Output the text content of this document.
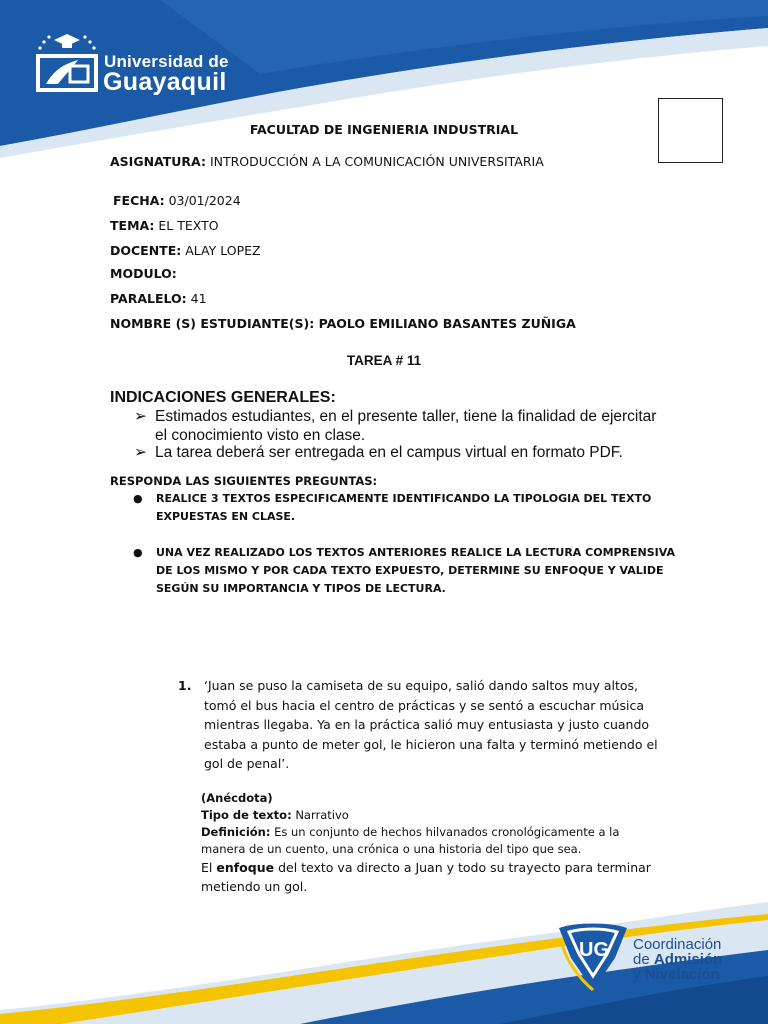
Universidad de
Guayaquil
FACULTAD DE INGENIERIA INDUSTRIAL
ASIGNATURA: INTRODUCCIÓN A LA COMUNICACIÓN UNIVERSITARIA
FECHA: 03/01/2024
TEMA: EL TEXTO
DOCENTE: ALAY LOPEZ
MODULO:
PARALELO: 41
NOMBRE (S) ESTUDIANTE(S): PAOLO EMILIANO BASANTES ZUÑIGA
TAREA # 11
INDICACIONES GENERALES:
➢ Estimados estudiantes, en el presente taller, tiene la finalidad de ejercitar
el conocimiento visto en clase.
➢ La tarea deberá ser entregada en el campus virtual en formato PDF.
RESPONDA LAS SIGUIENTES PREGUNTAS:
● REALICE 3 TEXTOS ESPECIFICAMENTE IDENTIFICANDO LA TIPOLOGIA DEL TEXTO
EXPUESTAS EN CLASE.
● UNA VEZ REALIZADO LOS TEXTOS ANTERIORES REALICE LA LECTURA COMPRENSIVA
DE LOS MISMO Y POR CADA TEXTO EXPUESTO, DETERMINE SU ENFOQUE Y VALIDE
SEGÚN SU IMPORTANCIA Y TIPOS DE LECTURA.
1. ‘Juan se puso la camiseta de su equipo, salió dando saltos muy altos,
tomó el bus hacia el centro de prácticas y se sentó a escuchar música
mientras llegaba. Ya en la práctica salió muy entusiasta y justo cuando
estaba a punto de meter gol, le hicieron una falta y terminó metiendo el
gol de penal’.
(Anécdota)
Tipo de texto: Narrativo
Definición: Es un conjunto de hechos hilvanados cronológicamente a la
manera de un cuento, una crónica o una historia del tipo que sea.
El enfoque del texto va directo a Juan y todo su trayecto para terminar
metiendo un gol.
UG Coordinación
de Admisión
y Nivelación
